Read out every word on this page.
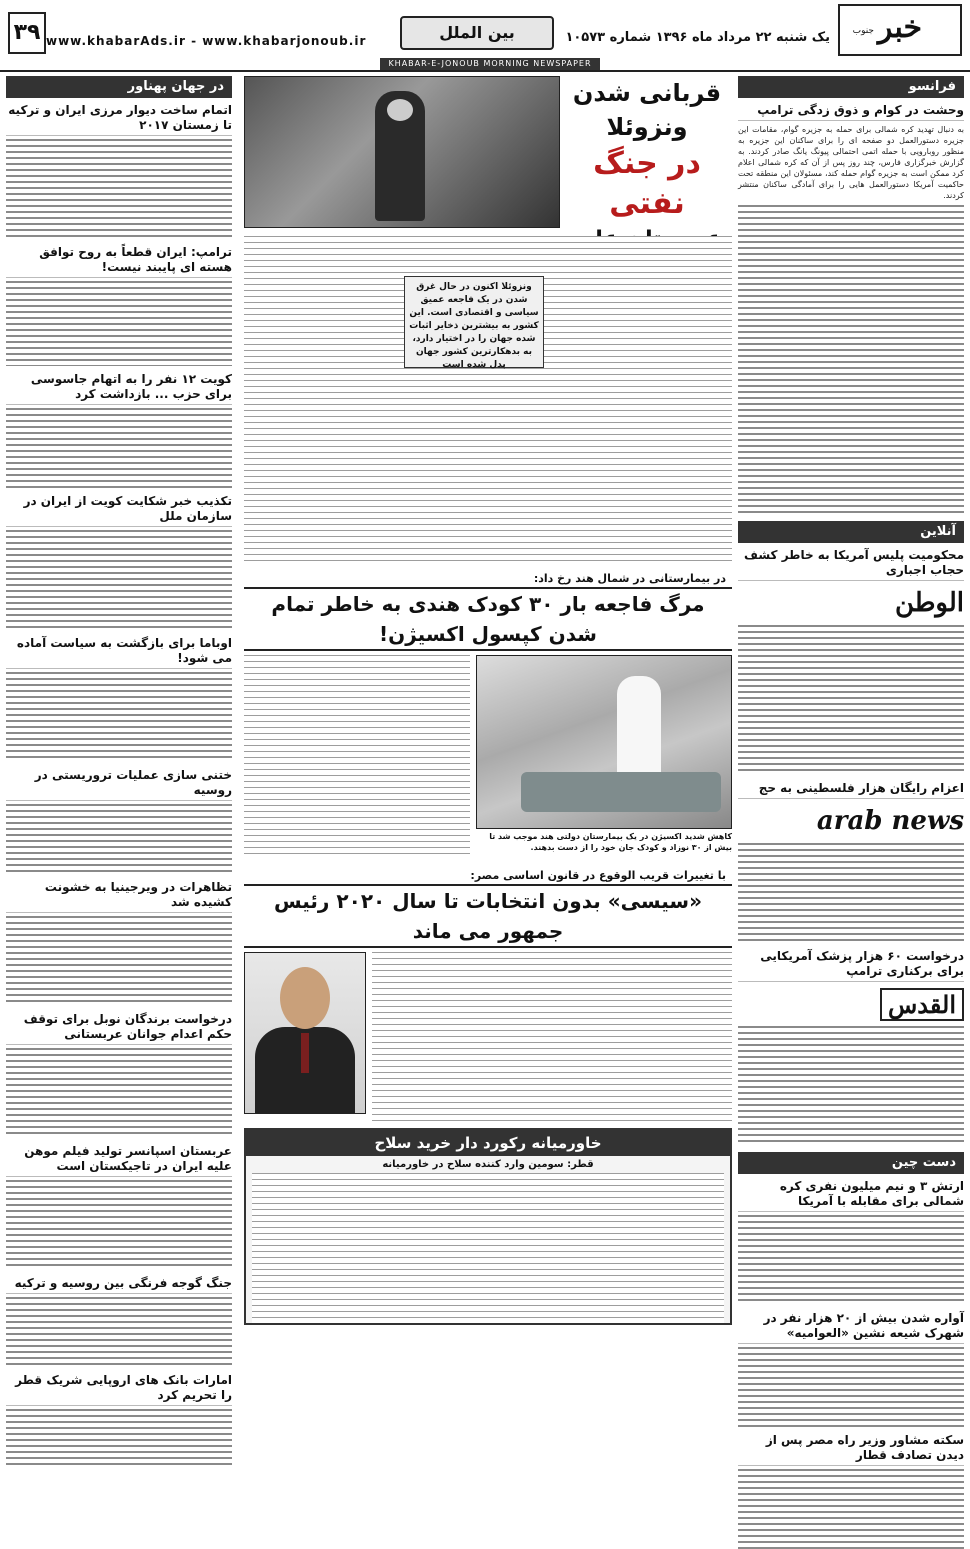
خبر
جنوب
یک شنبه ۲۲ مرداد ماه ۱۳۹۶ شماره ۱۰۵۷۳
بین الملل
www.khabarAds.ir - www.khabarjonoub.ir
۳۹
KHABAR-E-JONOUB MORNING NEWSPAPER
فرانسو
وحشت در کوام و ذوق زدگی ترامپ

به دنبال تهدید کره شمالی برای حمله به جزیره گوام، مقامات این جزیره دستورالعمل دو صفحه ای را برای ساکنان این جزیره به منظور روبارویی با حمله اتمی احتمالی پیونگ یانگ صادر کردند. به گزارش خبرگزاری فارس، چند روز پس از آن که کره شمالی اعلام کرد ممکن است به جزیره گوام حمله کند، مسئولان این منطقه تحت حاکمیت آمریکا دستورالعمل هایی را برای آمادگی ساکنان منتشر کردند.

آنلاین
محکومیت پلیس آمریکا به خاطر کشف حجاب اجباری
الوطن
اعزام رایگان هزار فلسطینی به حج
arab news
درخواست ۶۰ هزار پزشک آمریکایی برای برکناری ترامپ
القدس
دست چین
ارتش ۳ و نیم میلیون نفری کره شمالی برای مقابله با آمریکا
آواره شدن بیش از ۲۰ هزار نفر در شهرک شیعه نشین «العوامیه»
سکته مشاور وزیر راه مصر پس از دیدن تصادف قطار
قربانی شدن ونزوئلا
در جنگ نفتی
ونزوئلا اکنون در حال غرق شدن در یک فاجعه عمیق سیاسی و اقتصادی است. این کشور به بیشترین ذخایر اثبات شده جهان را در اختیار دارد، به بدهکارترین کشور جهان بدل شده است
در بیمارستانی در شمال هند رخ داد:
مرگ فاجعه بار ۳۰ کودک هندی به خاطر تمام شدن کپسول اکسیژن!
کاهش شدید اکسیژن در یک بیمارستان دولتی هند موجب شد تا بیش از ۳۰ نوزاد و کودک جان خود را از دست بدهند.
با تغییرات قریب الوقوع در قانون اساسی مصر:
«سیسی» بدون انتخابات تا سال ۲۰۲۰ رئیس جمهور می ماند
خاورمیانه رکورد دار خرید سلاح
قطر: سومین وارد کننده سلاح در خاورمیانه
در جهان پهناور
اتمام ساخت دیوار مرزی ایران و ترکیه تا زمستان ۲۰۱۷
ترامپ: ایران قطعاً به روح توافق هسته ای پایبند نیست!
کویت ۱۲ نفر را به اتهام جاسوسی برای حزب ... بازداشت کرد
تکذیب خبر شکایت کویت از ایران در سازمان ملل
اوباما برای بازگشت به سیاست آماده می شود!
ختنی سازی عملیات تروریستی در روسیه
تظاهرات در ویرجینیا به خشونت کشیده شد
درخواست برندگان نوبل برای توقف حکم اعدام جوانان عربستانی
عربستان اسپانسر تولید فیلم موهن علیه ایران در تاجیکستان است
جنگ گوجه فرنگی بین روسیه و ترکیه
امارات بانک های اروپایی شریک قطر را تحریم کرد
